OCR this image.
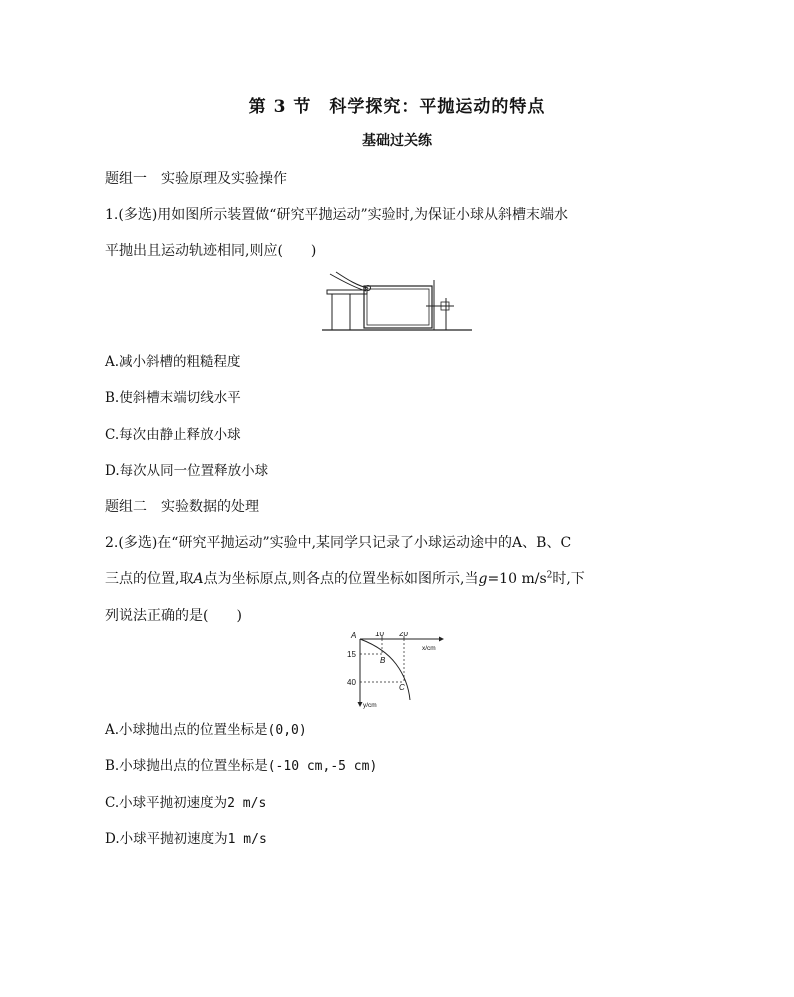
第 3 节　科学探究：平抛运动的特点
基础过关练
题组一　实验原理及实验操作
1.(多选)用如图所示装置做“研究平抛运动”实验时,为保证小球从斜槽末端水
平抛出且运动轨迹相同,则应(　　)
A.减小斜槽的粗糙程度
B.使斜槽末端切线水平
C.每次由静止释放小球
D.每次从同一位置释放小球
题组二　实验数据的处理
2.(多选)在“研究平抛运动”实验中,某同学只记录了小球运动途中的A、B、C
三点的位置,取A点为坐标原点,则各点的位置坐标如图所示,当g=10 $m/s^2$时,下
列说法正确的是(　　)
A
B
C
10 20
15
40
x/cm
y/cm
A.小球抛出点的位置坐标是(0,0)
B.小球抛出点的位置坐标是(-10 cm,-5 cm)
C.小球平抛初速度为2 m/s
D.小球平抛初速度为1 m/s
